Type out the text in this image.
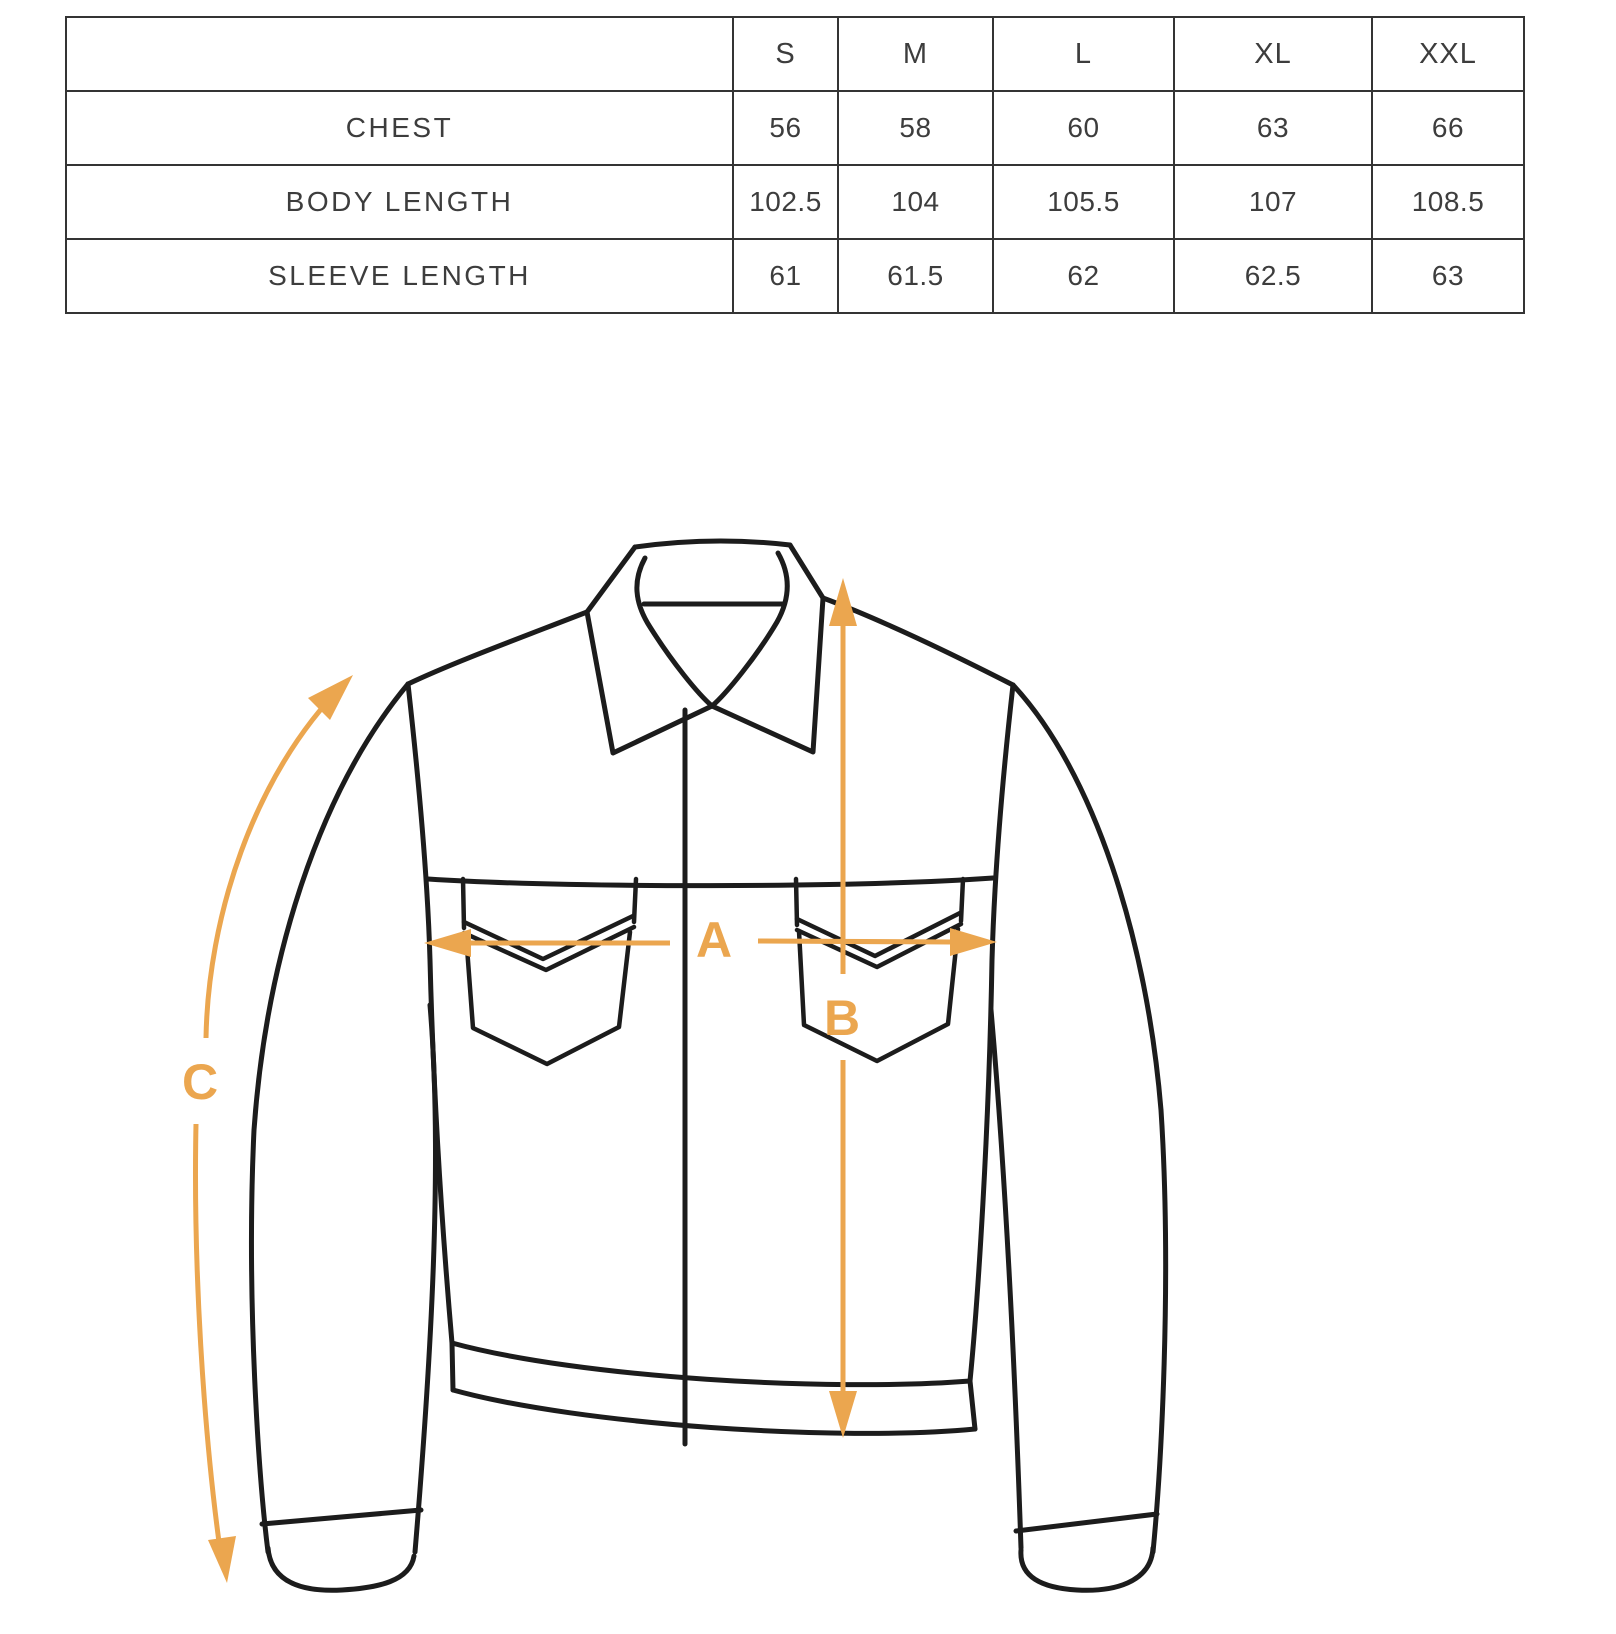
	S	M	L	XL	XXL
CHEST	56	58	60	63	66
BODY LENGTH	102.5	104	105.5	107	108.5
SLEEVE LENGTH	61	61.5	62	62.5	63
A
B
C
